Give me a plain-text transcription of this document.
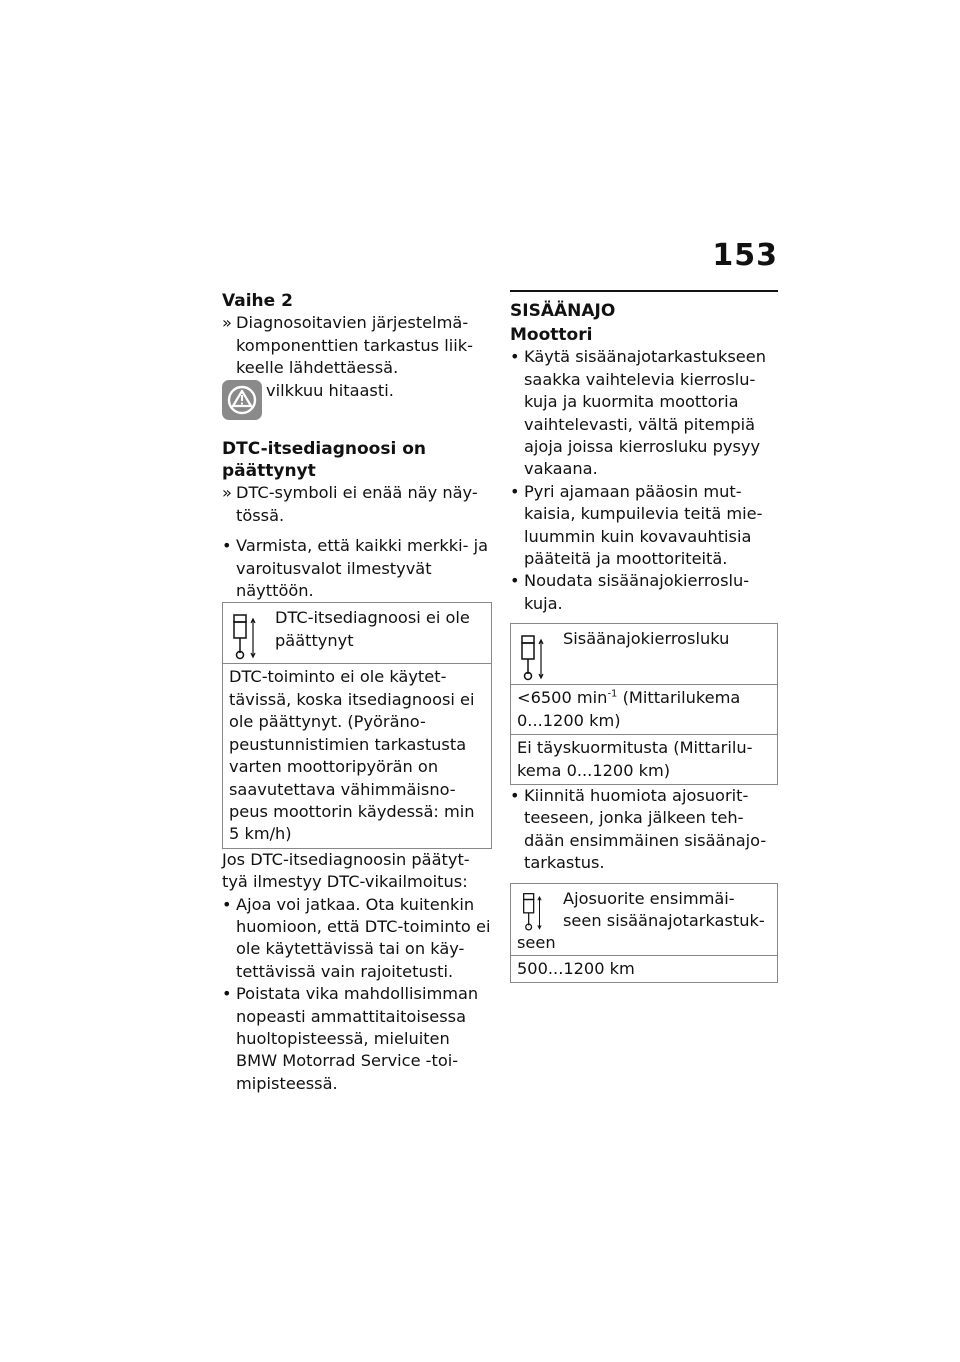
153
Vaihe 2
» Diagnosoitavien järjestelmä-komponenttien tarkastus liik-keelle lähdettäessä.
vilkkuu hitaasti.
DTC-itsediagnoosi on päättynyt
» DTC-symboli ei enää näy näy-tössä.
• Varmista, että kaikki merkki- ja varoitusvalot ilmestyvät näyttöön.
DTC-itsediagnoosi ei ole päättynyt
DTC-toiminto ei ole käytet-tävissä, koska itsediagnoosi ei ole päättynyt. (Pyöräno-peustunnistimien tarkastusta varten moottoripyörän on saavutettava vähimmäisno-peus moottorin käydessä: min 5 km/h)
Jos DTC-itsediagnoosin päätyt-tyä ilmestyy DTC-vikailmoitus:
• Ajoa voi jatkaa. Ota kuitenkin huomioon, että DTC-toiminto ei ole käytettävissä tai on käy-tettävissä vain rajoitetusti.
• Poistata vika mahdollisimman nopeasti ammattitaitoisessa huoltopisteessä, mieluiten BMW Motorrad Service -toi-mipisteessä.
SISÄÄNAJO
Moottori
• Käytä sisäänajotarkastukseen saakka vaihtelevia kierroslu-kuja ja kuormita moottoria vaihtelevasti, vältä pitempiä ajoja joissa kierrosluku pysyy vakaana.
• Pyri ajamaan pääosin mut-kaisia, kumpuilevia teitä mie-luummin kuin kovavauhtisia pääteitä ja moottoriteitä.
• Noudata sisäänajokierroslu-kuja.
Sisäänajokierrosluku
<6500 $\min^{-1}$ (Mittarilukema 0...1200 km)
Ei täyskuormitusta (Mittarilu-kema 0...1200 km)
• Kiinnitä huomiota ajosuorit-teeseen, jonka jälkeen teh-dään ensimmäinen sisäänajo-tarkastus.
Ajosuorite ensimmäi-seen sisäänajotarkastuk-
seen
500...1200 km
